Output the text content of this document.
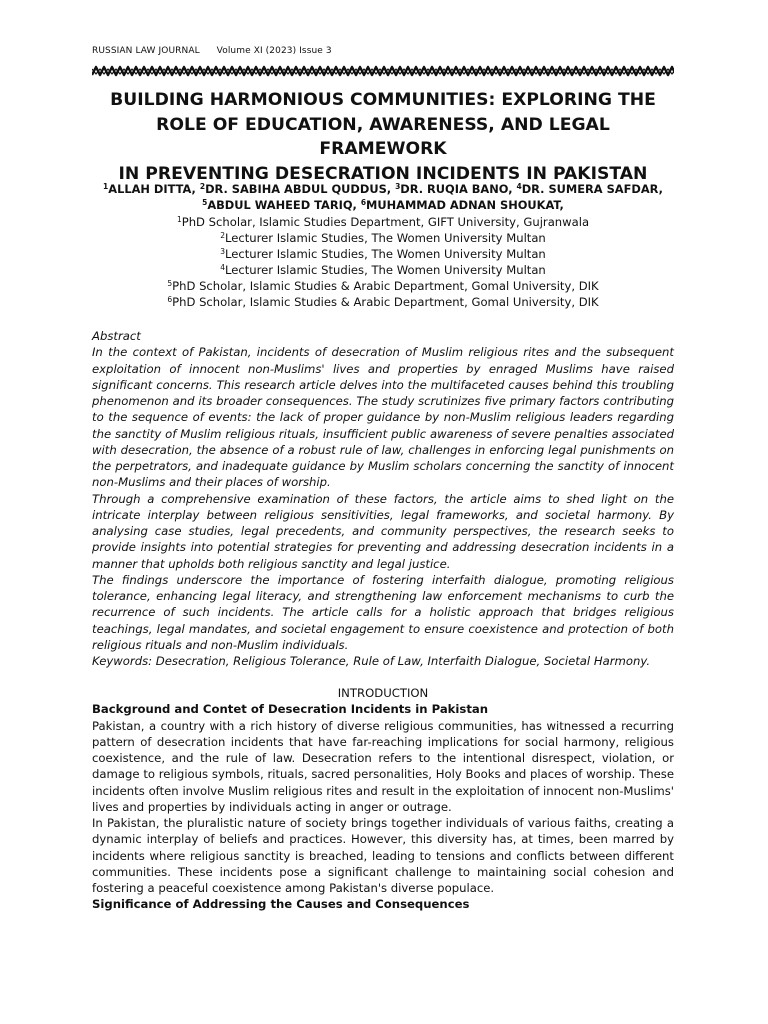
RUSSIAN LAW JOURNAL Volume XI (2023) Issue 3
BUILDING HARMONIOUS COMMUNITIES: EXPLORING THE
ROLE OF EDUCATION, AWARENESS, AND LEGAL FRAMEWORK
IN PREVENTING DESECRATION INCIDENTS IN PAKISTAN
$^1$ALLAH DITTA, $^2$DR. SABIHA ABDUL QUDDUS, $^3$DR. RUQIA BANO, $^4$DR. SUMERA SAFDAR, $^5$ABDUL WAHEED TARIQ, $^6$MUHAMMAD ADNAN SHOUKAT,
$^1$PhD Scholar, Islamic Studies Department, GIFT University, Gujranwala
$^2$Lecturer Islamic Studies, The Women University Multan
$^3$Lecturer Islamic Studies, The Women University Multan
$^4$Lecturer Islamic Studies, The Women University Multan
$^5$PhD Scholar, Islamic Studies & Arabic Department, Gomal University, DIK
$^6$PhD Scholar, Islamic Studies & Arabic Department, Gomal University, DIK

Abstract

In the context of Pakistan, incidents of desecration of Muslim religious rites and the subsequent exploitation of innocent non-Muslims' lives and properties by enraged Muslims have raised significant concerns. This research article delves into the multifaceted causes behind this troubling phenomenon and its broader consequences. The study scrutinizes five primary factors contributing to the sequence of events: the lack of proper guidance by non-Muslim religious leaders regarding the sanctity of Muslim religious rituals, insufficient public awareness of severe penalties associated with desecration, the absence of a robust rule of law, challenges in enforcing legal punishments on the perpetrators, and inadequate guidance by Muslim scholars concerning the sanctity of innocent non-Muslims and their places of worship.

Through a comprehensive examination of these factors, the article aims to shed light on the intricate interplay between religious sensitivities, legal frameworks, and societal harmony. By analysing case studies, legal precedents, and community perspectives, the research seeks to provide insights into potential strategies for preventing and addressing desecration incidents in a manner that upholds both religious sanctity and legal justice.

The findings underscore the importance of fostering interfaith dialogue, promoting religious tolerance, enhancing legal literacy, and strengthening law enforcement mechanisms to curb the recurrence of such incidents. The article calls for a holistic approach that bridges religious teachings, legal mandates, and societal engagement to ensure coexistence and protection of both religious rituals and non-Muslim individuals.

Keywords: Desecration, Religious Tolerance, Rule of Law, Interfaith Dialogue, Societal Harmony.

INTRODUCTION

Background and Contet of Desecration Incidents in Pakistan

Pakistan, a country with a rich history of diverse religious communities, has witnessed a recurring pattern of desecration incidents that have far-reaching implications for social harmony, religious coexistence, and the rule of law. Desecration refers to the intentional disrespect, violation, or damage to religious symbols, rituals, sacred personalities, Holy Books and places of worship. These incidents often involve Muslim religious rites and result in the exploitation of innocent non-Muslims' lives and properties by individuals acting in anger or outrage.

In Pakistan, the pluralistic nature of society brings together individuals of various faiths, creating a dynamic interplay of beliefs and practices. However, this diversity has, at times, been marred by incidents where religious sanctity is breached, leading to tensions and conflicts between different communities. These incidents pose a significant challenge to maintaining social cohesion and fostering a peaceful coexistence among Pakistan's diverse populace.

Significance of Addressing the Causes and Consequences
